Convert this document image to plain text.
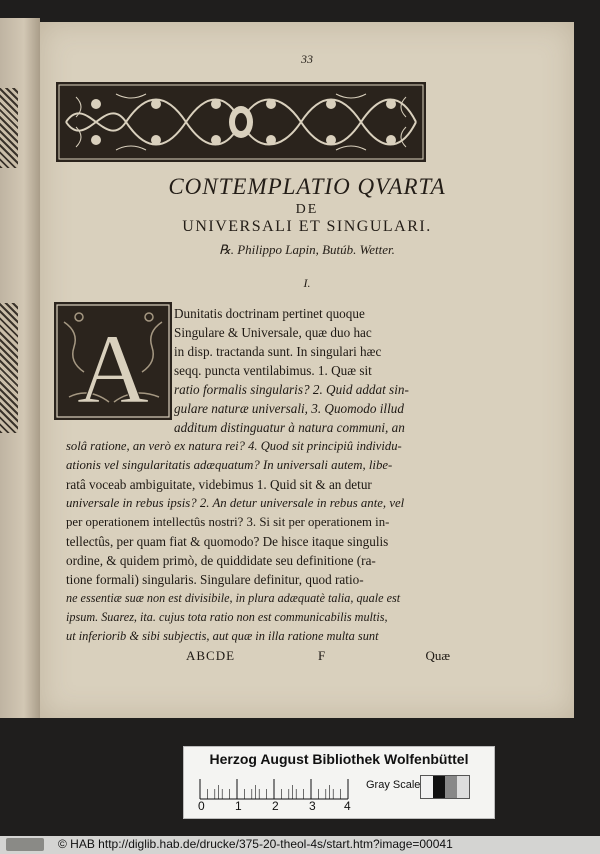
33
CONTEMPLATIO QVARTA
DE
UNIVERSALI ET SINGULARI.
℞. Philippo Lapin, Butúb. Wetter.
I.
A Dunitatis doctrinam pertinet quoque
Singulare & Universale, quæ duo hac
in disp. tractanda sunt. In singulari hæc
seqq. puncta ventilabimus. 1. Quæ sit
ratio formalis singularis? 2. Quid addat sin-
gulare naturæ universali, 3. Quomodo illud
additum distinguatur à natura communi, an
solâ ratione, an verò ex natura rei? 4. Quod sit principiû individu-
ationis vel singularitatis adæquatum? In universali autem, libe-
ratâ voceab ambiguitate, videbimus 1. Quid sit & an detur
universale in rebus ipsis? 2. An detur universale in rebus ante, vel
per operationem intellectûs nostri? 3. Si sit per operationem in-
tellectûs, per quam fiat & quomodo? De hisce itaque singulis
ordine, & quidem primò, de quiddidate seu definitione (ra-
tione formali) singularis. Singulare definitur, quod ratio-
ne essentiæ suæ non est divisibile, in plura adæquatè talia, quale est
ipsum. Suarez, ita. cujus tota ratio non est communicabilis multis,
ut inferiorib & sibi subjectis, aut quæ in illa ratione multa sunt
ABCDE	F	Quæ
Herzog August Bibliothek Wolfenbüttel
0	1	2	3 4
Gray Scale
© HAB http://diglib.hab.de/drucke/375-20-theol-4s/start.htm?image=00041
